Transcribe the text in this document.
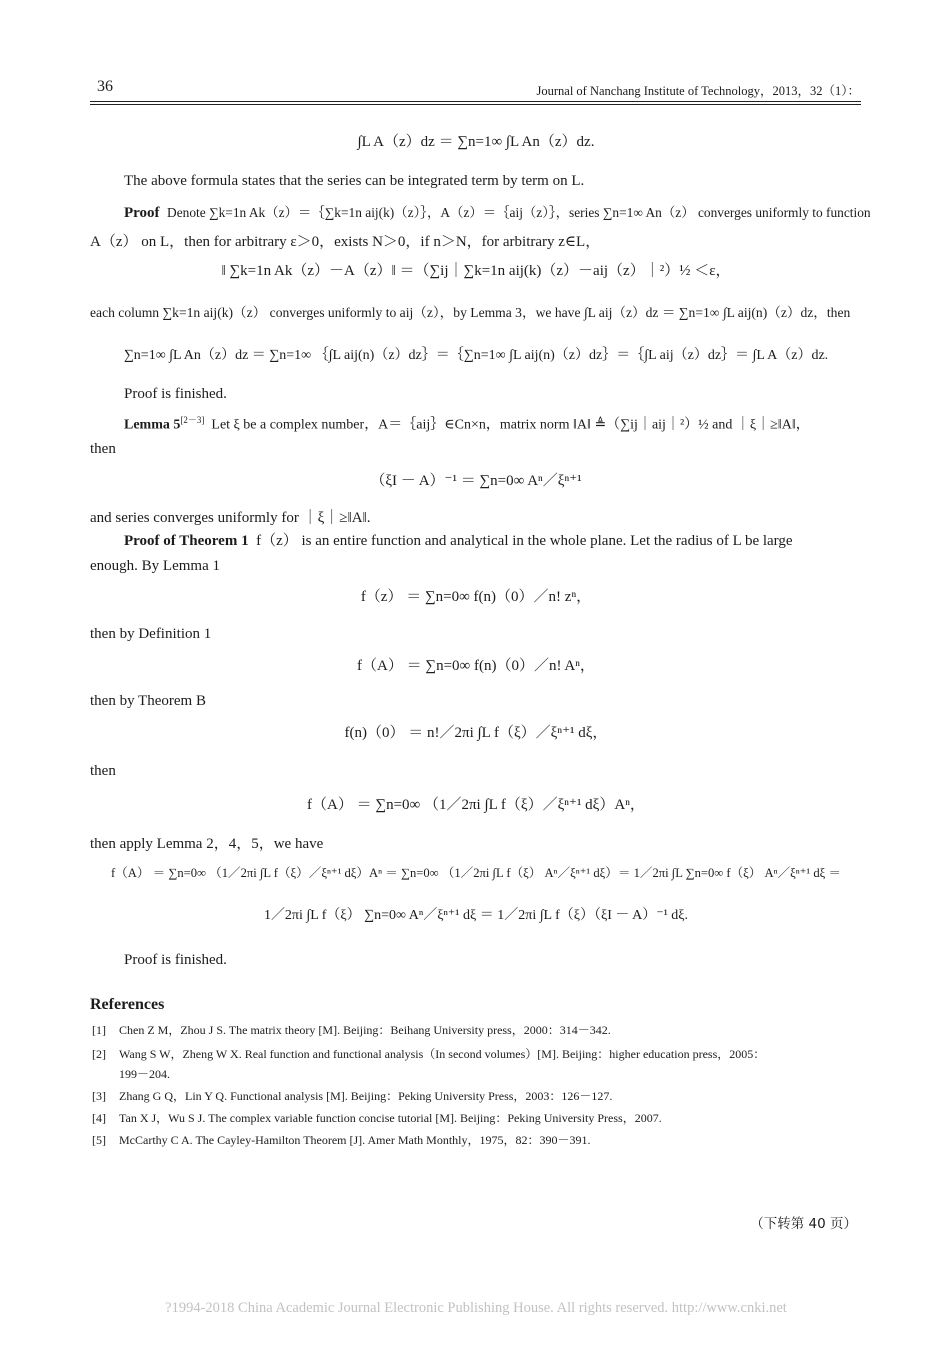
36	Journal of Nanchang Institute of Technology，2013，32（1）：
∫L A（z）dz ＝ ∑n=1∞ ∫L An（z）dz.
The above formula states that the series can be integrated term by term on L.
Proof Denote ∑k=1n Ak（z）＝｛∑k=1n aij(k)（z）｝，A（z）＝｛aij（z）｝，series ∑n=1∞ An（z） converges uniformly to function
A（z） on L，then for arbitrary ε＞0，exists N＞0，if n＞N，for arbitrary z∈L，
‖ ∑k=1n Ak（z）－A（z）‖ ＝（∑ij｜∑k=1n aij(k)（z）－aij（z）｜²）½ ＜ε，
each column ∑k=1n aij(k)（z） converges uniformly to aij（z），by Lemma 3，we have ∫L aij（z）dz ＝ ∑n=1∞ ∫L aij(n)（z）dz，then
∑n=1∞ ∫L An（z）dz ＝ ∑n=1∞ ｛∫L aij(n)（z）dz｝＝｛∑n=1∞ ∫L aij(n)（z）dz｝＝｛∫L aij（z）dz｝＝ ∫L A（z）dz.
Proof is finished.
Lemma 5[2－3] Let ξ be a complex number，A＝｛aij｝∈Cn×n，matrix norm ‖A‖ ≜（∑ij｜aij｜²）½ and ｜ξ｜≥‖A‖，
then
（ξI － A）⁻¹ ＝ ∑n=0∞ Aⁿ／ξⁿ⁺¹
and series converges uniformly for ｜ξ｜≥‖A‖.
Proof of Theorem 1 f（z） is an entire function and analytical in the whole plane. Let the radius of L be large
enough. By Lemma 1
f（z） ＝ ∑n=0∞ f(n)（0）／n! zⁿ，
then by Definition 1
f（A） ＝ ∑n=0∞ f(n)（0）／n! Aⁿ，
then by Theorem B
f(n)（0） ＝ n!／2πi ∫L f（ξ）／ξⁿ⁺¹ dξ，
then
f（A） ＝ ∑n=0∞ （1／2πi ∫L f（ξ）／ξⁿ⁺¹ dξ）Aⁿ，
then apply Lemma 2，4，5，we have
f（A） ＝ ∑n=0∞ （1／2πi ∫L f（ξ）／ξⁿ⁺¹ dξ）Aⁿ ＝ ∑n=0∞ （1／2πi ∫L f（ξ） Aⁿ／ξⁿ⁺¹ dξ）＝ 1／2πi ∫L ∑n=0∞ f（ξ） Aⁿ／ξⁿ⁺¹ dξ ＝
1／2πi ∫L f（ξ） ∑n=0∞ Aⁿ／ξⁿ⁺¹ dξ ＝ 1／2πi ∫L f（ξ）（ξI － A）⁻¹ dξ.
Proof is finished.
References
[1] Chen Z M，Zhou J S. The matrix theory [M]. Beijing：Beihang University press，2000：314－342.
[2] Wang S W，Zheng W X. Real function and functional analysis（In second volumes）[M]. Beijing：higher education press，2005：
199－204.
[3] Zhang G Q，Lin Y Q. Functional analysis [M]. Beijing：Peking University Press，2003：126－127.
[4] Tan X J，Wu S J. The complex variable function concise tutorial [M]. Beijing：Peking University Press，2007.
[5] McCarthy C A. The Cayley-Hamilton Theorem [J]. Amer Math Monthly，1975，82：390－391.
（下转第 40 页）
?1994-2018 China Academic Journal Electronic Publishing House. All rights reserved. http://www.cnki.net
